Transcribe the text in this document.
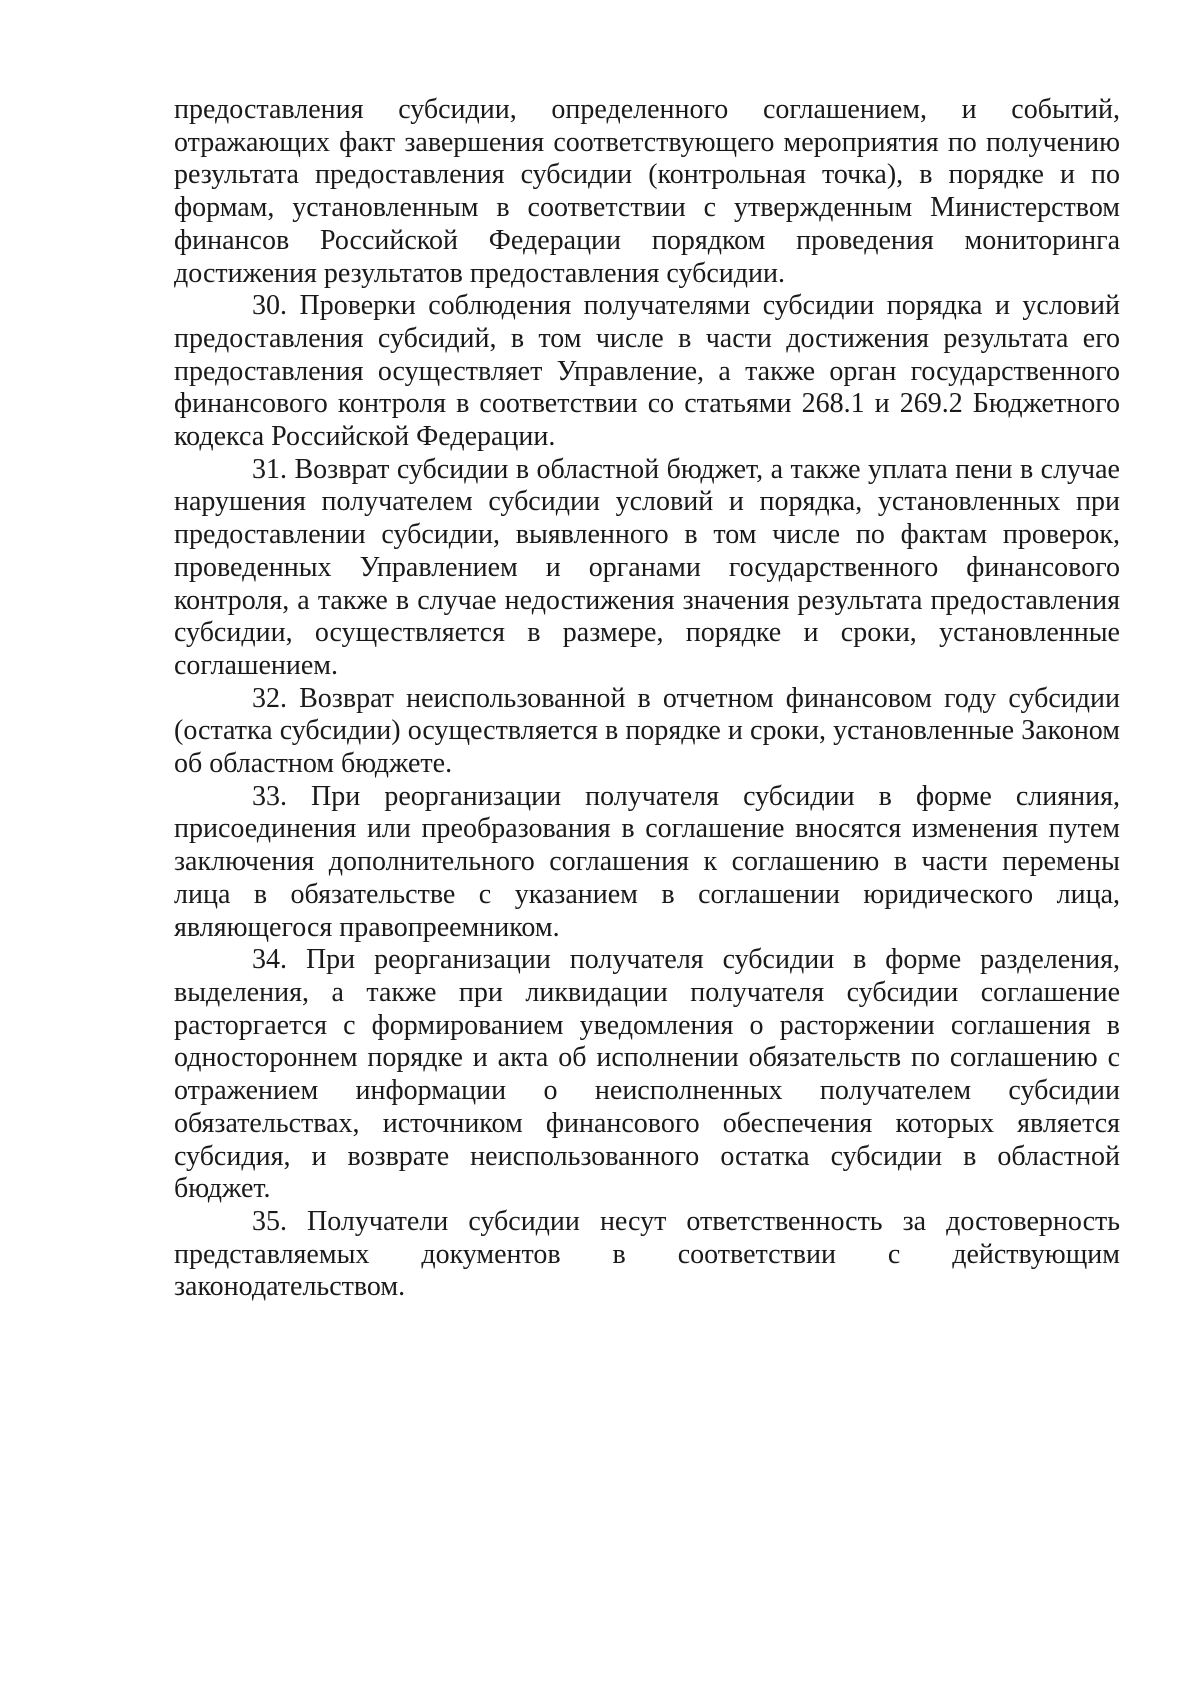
предоставления субсидии, определенного соглашением, и событий, отражающих факт завершения соответствующего мероприятия по получению результата предоставления субсидии (контрольная точка), в порядке и по формам, установленным в соответствии с утвержденным Министерством финансов Российской Федерации порядком проведения мониторинга достижения результатов предоставления субсидии.

30. Проверки соблюдения получателями субсидии порядка и условий предоставления субсидий, в том числе в части достижения результата его предоставления осуществляет Управление, а также орган государственного финансового контроля в соответствии со статьями 268.1 и 269.2 Бюджетного кодекса Российской Федерации.

31. Возврат субсидии в областной бюджет, а также уплата пени в случае нарушения получателем субсидии условий и порядка, установленных при предоставлении субсидии, выявленного в том числе по фактам проверок, проведенных Управлением и органами государственного финансового контроля, а также в случае недостижения значения результата предоставления субсидии, осуществляется в размере, порядке и сроки, установленные соглашением.

32. Возврат неиспользованной в отчетном финансовом году субсидии (остатка субсидии) осуществляется в порядке и сроки, установленные Законом об областном бюджете.

33. При реорганизации получателя субсидии в форме слияния, присоединения или преобразования в соглашение вносятся изменения путем заключения дополнительного соглашения к соглашению в части перемены лица в обязательстве с указанием в соглашении юридического лица, являющегося правопреемником.

34. При реорганизации получателя субсидии в форме разделения, выделения, а также при ликвидации получателя субсидии соглашение расторгается с формированием уведомления о расторжении соглашения в одностороннем порядке и акта об исполнении обязательств по соглашению с отражением информации о неисполненных получателем субсидии обязательствах, источником финансового обеспечения которых является субсидия, и возврате неиспользованного остатка субсидии в областной бюджет.

35. Получатели субсидии несут ответственность за достоверность представляемых документов в соответствии с действующим законодательством.
